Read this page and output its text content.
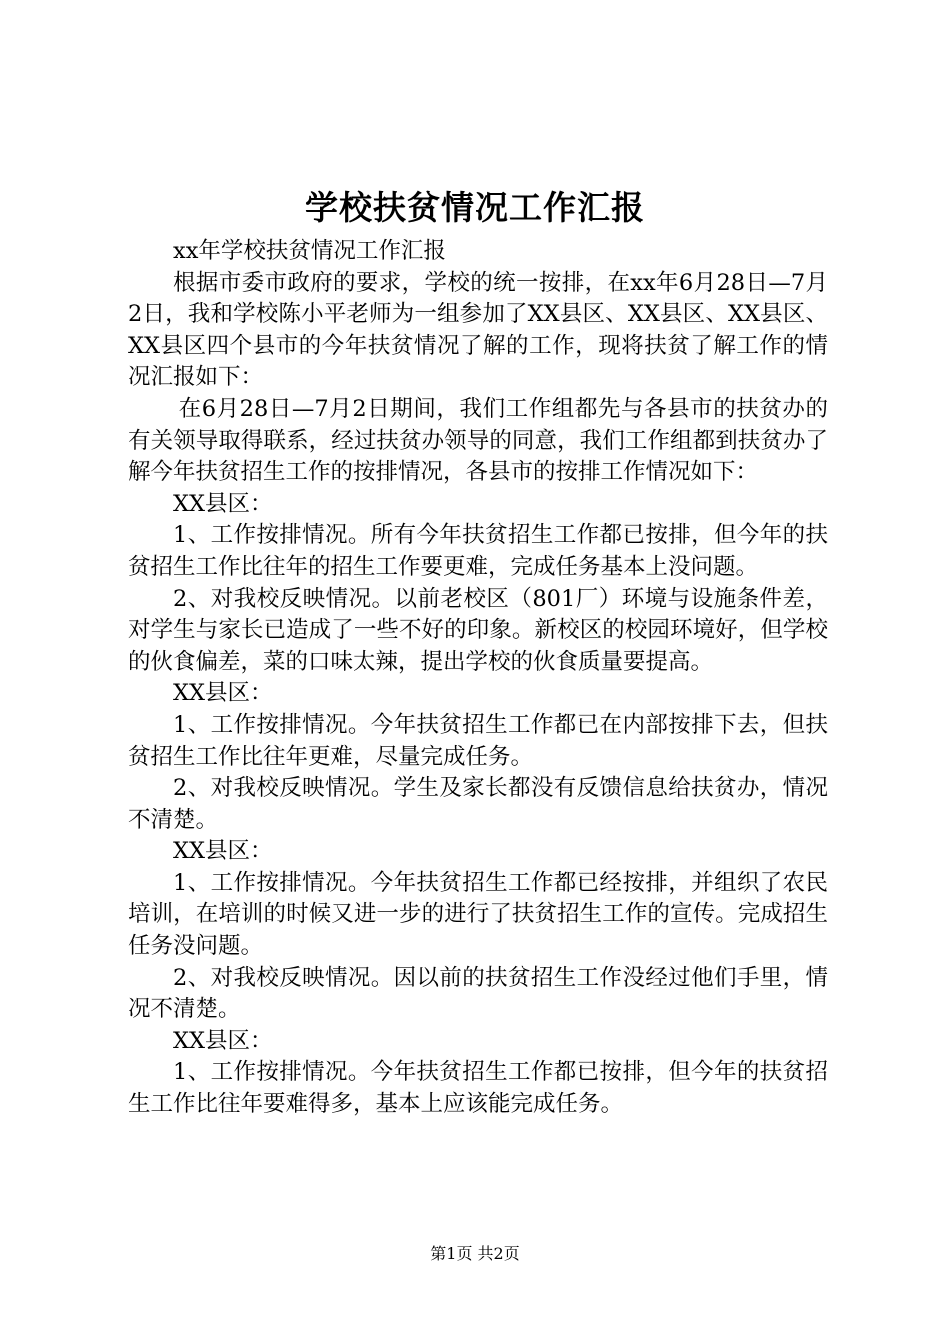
学校扶贫情况工作汇报

xx年学校扶贫情况工作汇报

根据市委市政府的要求，学校的统一按排，在xx年6月28日—7月2日，我和学校陈小平老师为一组参加了XX县区、XX县区、XX县区、XX县区四个县市的今年扶贫情况了解的工作，现将扶贫了解工作的情况汇报如下：

在6月28日—7月2日期间，我们工作组都先与各县市的扶贫办的有关领导取得联系，经过扶贫办领导的同意，我们工作组都到扶贫办了解今年扶贫招生工作的按排情况，各县市的按排工作情况如下：

XX县区：

1、工作按排情况。所有今年扶贫招生工作都已按排，但今年的扶贫招生工作比往年的招生工作要更难，完成任务基本上没问题。

2、对我校反映情况。以前老校区（801厂）环境与设施条件差，对学生与家长已造成了一些不好的印象。新校区的校园环境好，但学校的伙食偏差，菜的口味太辣，提出学校的伙食质量要提高。

XX县区：

1、工作按排情况。今年扶贫招生工作都已在内部按排下去，但扶贫招生工作比往年更难，尽量完成任务。

2、对我校反映情况。学生及家长都没有反馈信息给扶贫办，情况不清楚。

XX县区：

1、工作按排情况。今年扶贫招生工作都已经按排，并组织了农民培训，在培训的时候又进一步的进行了扶贫招生工作的宣传。完成招生任务没问题。

2、对我校反映情况。因以前的扶贫招生工作没经过他们手里，情况不清楚。

XX县区：

1、工作按排情况。今年扶贫招生工作都已按排，但今年的扶贫招生工作比往年要难得多，基本上应该能完成任务。

第1页 共2页
